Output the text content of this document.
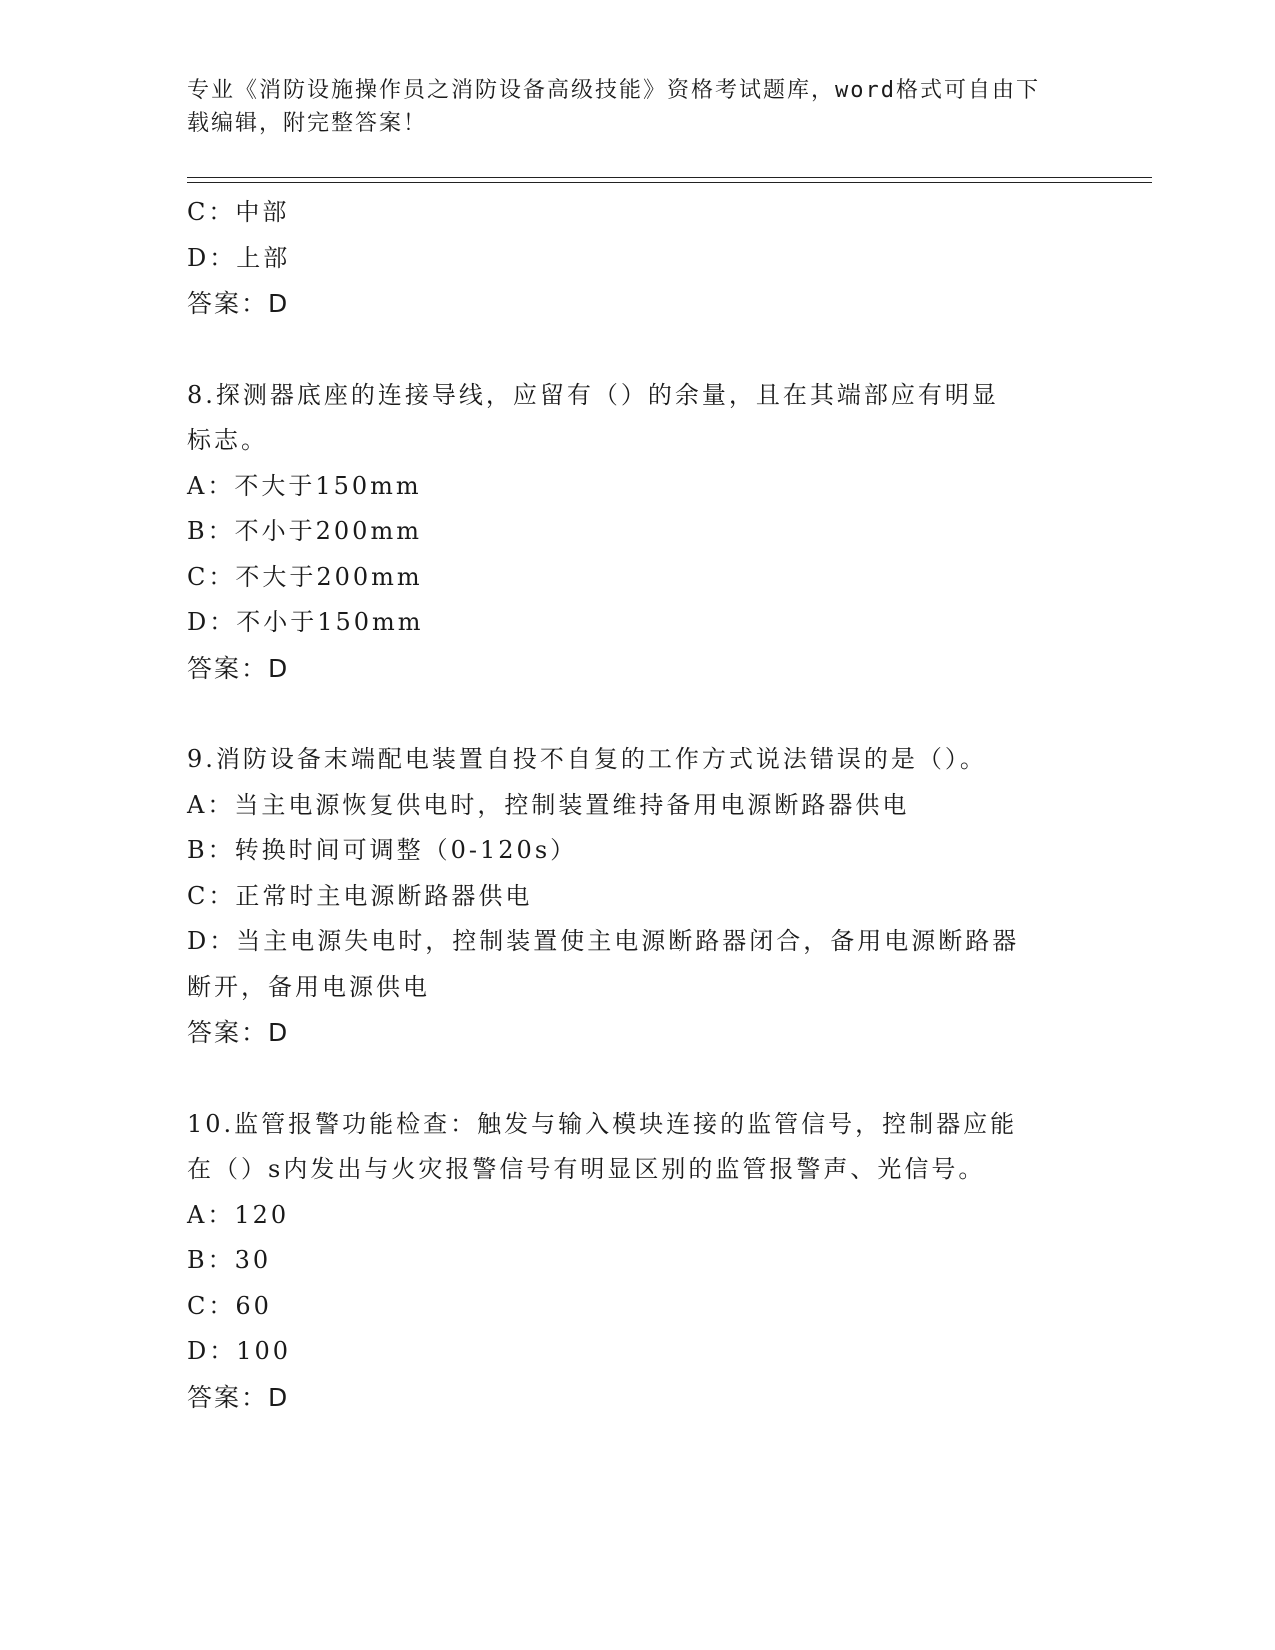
专业《消防设施操作员之消防设备高级技能》资格考试题库，word格式可自由下
载编辑，附完整答案！
C：中部
D：上部
答案：D
8.探测器底座的连接导线，应留有（）的余量，且在其端部应有明显
标志。
A：不大于150mm
B：不小于200mm
C：不大于200mm
D：不小于150mm
答案：D
9.消防设备末端配电装置自投不自复的工作方式说法错误的是（）。
A：当主电源恢复供电时，控制装置维持备用电源断路器供电
B：转换时间可调整（0-120s）
C：正常时主电源断路器供电
D：当主电源失电时，控制装置使主电源断路器闭合，备用电源断路器
断开，备用电源供电
答案：D
10.监管报警功能检查：触发与输入模块连接的监管信号，控制器应能
在（）s内发出与火灾报警信号有明显区别的监管报警声、光信号。
A：120
B：30
C：60
D：100
答案：D
